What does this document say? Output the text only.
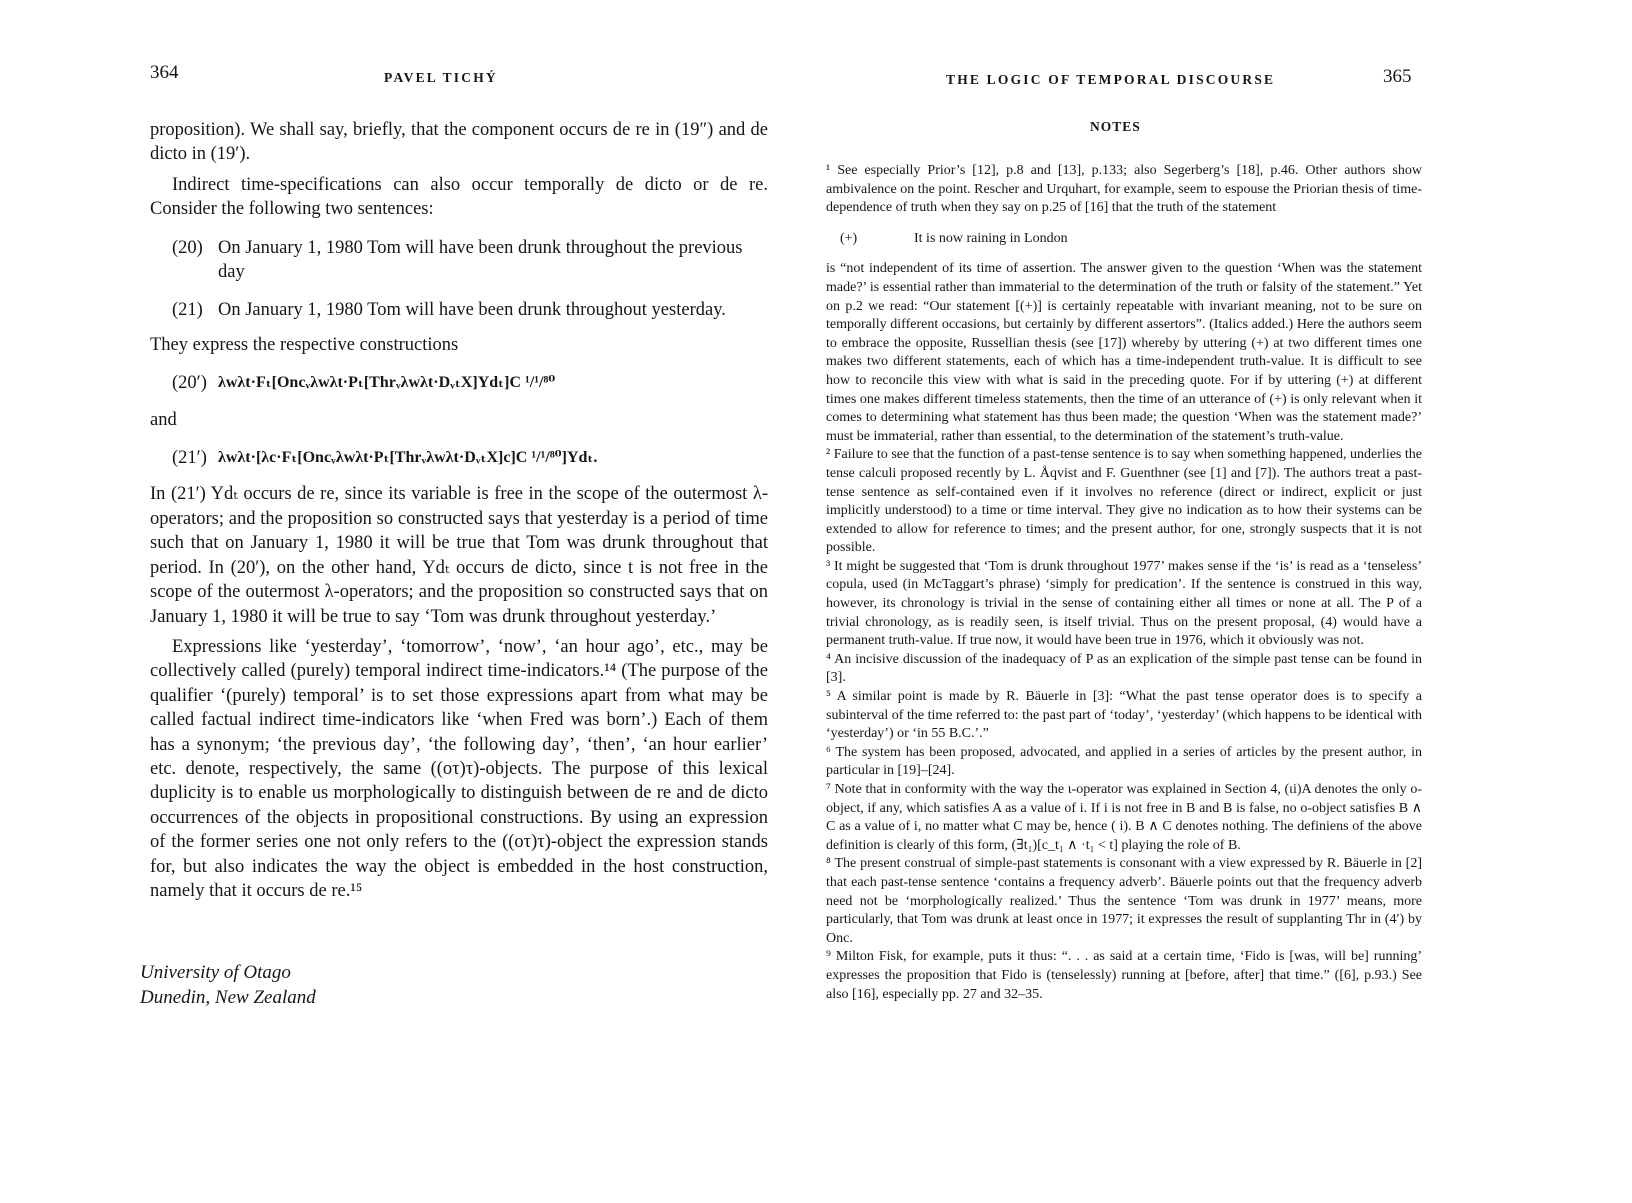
364	PAVEL TICHÝ

proposition). We shall say, briefly, that the component occurs de re in (19″) and de dicto in (19′).

Indirect time-specifications can also occur temporally de dicto or de re. Consider the following two sentences:

(20) On January 1, 1980 Tom will have been drunk throughout the previous day
(21) On January 1, 1980 Tom will have been drunk throughout yesterday.

They express the respective constructions

(20′) λwλt·Fₜ[Oncᵥλwλt·Pₜ[Thrᵥλwλt·DᵥₜX]Ydₜ]C ¹/¹/⁸⁰

and

(21′) λwλt·[λc·Fₜ[Oncᵥλwλt·Pₜ[Thrᵥλwλt·DᵥₜX]c]C ¹/¹/⁸⁰]Ydₜ.

In (21′) Ydₜ occurs de re, since its variable is free in the scope of the outermost λ-operators; and the proposition so constructed says that yesterday is a period of time such that on January 1, 1980 it will be true that Tom was drunk throughout that period. In (20′), on the other hand, Ydₜ occurs de dicto, since t is not free in the scope of the outermost λ-operators; and the proposition so constructed says that on January 1, 1980 it will be true to say ‘Tom was drunk throughout yesterday.’

Expressions like ‘yesterday’, ‘tomorrow’, ‘now’, ‘an hour ago’, etc., may be collectively called (purely) temporal indirect time-indicators.¹⁴ (The purpose of the qualifier ‘(purely) temporal’ is to set those expressions apart from what may be called factual indirect time-indicators like ‘when Fred was born’.) Each of them has a synonym; ‘the previous day’, ‘the following day’, ‘then’, ‘an hour earlier’ etc. denote, respectively, the same ((oτ)τ)-objects. The purpose of this lexical duplicity is to enable us morphologically to distinguish between de re and de dicto occurrences of the objects in propositional constructions. By using an expression of the former series one not only refers to the ((oτ)τ)-object the expression stands for, but also indicates the way the object is embedded in the host construction, namely that it occurs de re.¹⁵

University of Otago
Dunedin, New Zealand
THE LOGIC OF TEMPORAL DISCOURSE	365
NOTES

¹ See especially Prior’s [12], p.8 and [13], p.133; also Segerberg’s [18], p.46. Other authors show ambivalence on the point. Rescher and Urquhart, for example, seem to espouse the Priorian thesis of time-dependence of truth when they say on p.25 of [16] that the truth of the statement

(+)	It is now raining in London

is “not independent of its time of assertion. The answer given to the question ‘When was the statement made?’ is essential rather than immaterial to the determination of the truth or falsity of the statement.” Yet on p.2 we read: “Our statement [(+)] is certainly repeatable with invariant meaning, not to be sure on temporally different occasions, but certainly by different assertors”. (Italics added.) Here the authors seem to embrace the opposite, Russellian thesis (see [17]) whereby by uttering (+) at two different times one makes two different statements, each of which has a time-independent truth-value. It is difficult to see how to reconcile this view with what is said in the preceding quote. For if by uttering (+) at different times one makes different timeless statements, then the time of an utterance of (+) is only relevant when it comes to determining what statement has thus been made; the question ‘When was the statement made?’ must be immaterial, rather than essential, to the determination of the statement’s truth-value.

² Failure to see that the function of a past-tense sentence is to say when something happened, underlies the tense calculi proposed recently by L. Åqvist and F. Guenthner (see [1] and [7]). The authors treat a past-tense sentence as self-contained even if it involves no reference (direct or indirect, explicit or just implicitly understood) to a time or time interval. They give no indication as to how their systems can be extended to allow for reference to times; and the present author, for one, strongly suspects that it is not possible.

³ It might be suggested that ‘Tom is drunk throughout 1977’ makes sense if the ‘is’ is read as a ‘tenseless’ copula, used (in McTaggart’s phrase) ‘simply for predication’. If the sentence is construed in this way, however, its chronology is trivial in the sense of containing either all times or none at all. The P of a trivial chronology, as is readily seen, is itself trivial. Thus on the present proposal, (4) would have a permanent truth-value. If true now, it would have been true in 1976, which it obviously was not.

⁴ An incisive discussion of the inadequacy of P as an explication of the simple past tense can be found in [3].

⁵ A similar point is made by R. Bäuerle in [3]: “What the past tense operator does is to specify a subinterval of the time referred to: the past part of ‘today’, ‘yesterday’ (which happens to be identical with ‘yesterday’) or ‘in 55 B.C.’.”

⁶ The system has been proposed, advocated, and applied in a series of articles by the present author, in particular in [19]–[24].

⁷ Note that in conformity with the way the ι-operator was explained in Section 4, (ιi)A denotes the only o-object, if any, which satisfies A as a value of i. If i is not free in B and B is false, no o-object satisfies B ∧ C as a value of i, no matter what C may be, hence ( i). B ∧ C denotes nothing. The definiens of the above definition is clearly of this form, (∃t₁)[c_t₁ ∧ ·t₁ < t] playing the role of B.

⁸ The present construal of simple-past statements is consonant with a view expressed by R. Bäuerle in [2] that each past-tense sentence ‘contains a frequency adverb’. Bäuerle points out that the frequency adverb need not be ‘morphologically realized.’ Thus the sentence ‘Tom was drunk in 1977’ means, more particularly, that Tom was drunk at least once in 1977; it expresses the result of supplanting Thr in (4′) by Onc.

⁹ Milton Fisk, for example, puts it thus: “. . . as said at a certain time, ‘Fido is [was, will be] running’ expresses the proposition that Fido is (tenselessly) running at [before, after] that time.” ([6], p.93.) See also [16], especially pp. 27 and 32–35.
